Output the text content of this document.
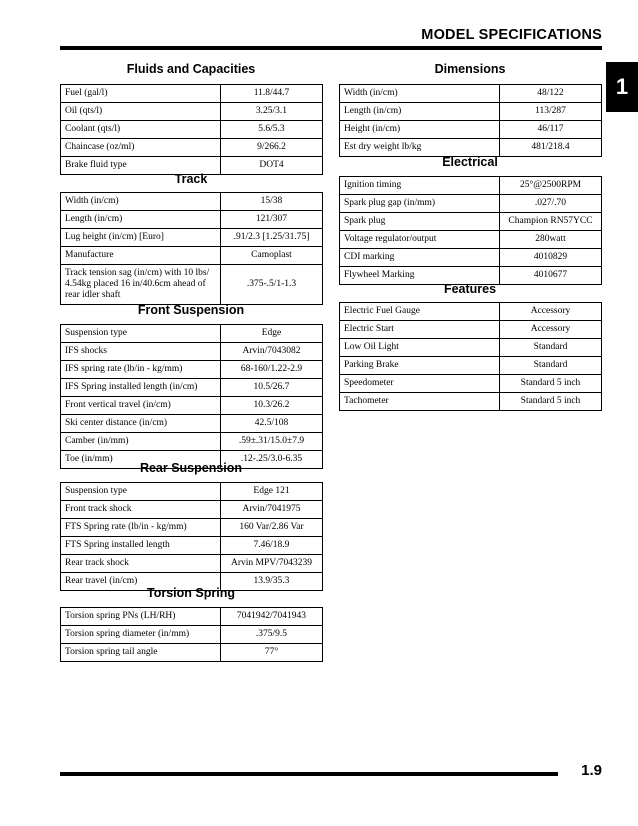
MODEL SPECIFICATIONS
1
Fluids and Capacities
Fuel (gal/l)	11.8/44.7
Oil (qts/l)	3.25/3.1
Coolant (qts/l)	5.6/5.3
Chaincase (oz/ml)	9/266.2
Brake fluid type	DOT4
Track
Width (in/cm)	15/38
Length (in/cm)	121/307
Lug height (in/cm) [Euro]	.91/2.3 [1.25/31.75]
Manufacture	Camoplast
Track tension sag (in/cm) with 10 lbs/ 4.54kg placed 16 in/40.6cm ahead of rear idler shaft	.375-.5/1-1.3
Front Suspension
Suspension type	Edge
IFS shocks	Arvin/7043082
IFS spring rate (lb/in - kg/mm)	68-160/1.22-2.9
IFS Spring installed length (in/cm)	10.5/26.7
Front vertical travel (in/cm)	10.3/26.2
Ski center distance (in/cm)	42.5/108
Camber (in/mm)	.59±.31/15.0±7.9
Toe (in/mm)	.12-.25/3.0-6.35
Rear Suspension
Suspension type	Edge 121
Front track shock	Arvin/7041975
FTS Spring rate (lb/in - kg/mm)	160 Var/2.86 Var
FTS Spring installed length	7.46/18.9
Rear track shock	Arvin MPV/7043239
Rear travel (in/cm)	13.9/35.3
Torsion Spring
Torsion spring PNs (LH/RH)	7041942/7041943
Torsion spring diameter (in/mm)	.375/9.5
Torsion spring tail angle	77°
Dimensions
Width (in/cm)	48/122
Length (in/cm)	113/287
Height (in/cm)	46/117
Est dry weight lb/kg	481/218.4
Electrical
Ignition timing	25°@2500RPM
Spark plug gap (in/mm)	.027/.70
Spark plug	Champion RN57YCC
Voltage regulator/output	280watt
CDI marking	4010829
Flywheel Marking	4010677
Features
Electric Fuel Gauge	Accessory
Electric Start	Accessory
Low Oil Light	Standard
Parking Brake	Standard
Speedometer	Standard 5 inch
Tachometer	Standard 5 inch
1.9
